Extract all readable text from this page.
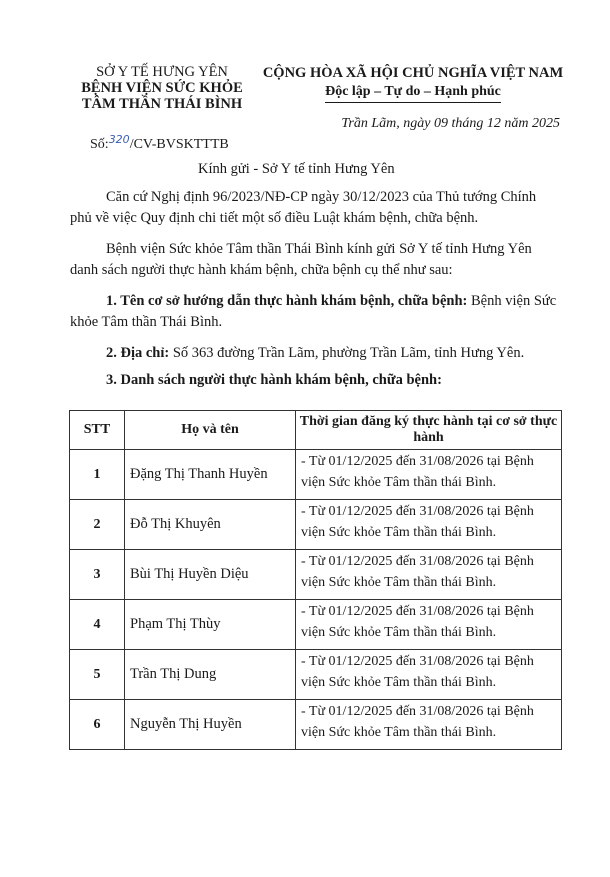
SỞ Y TẾ HƯNG YÊN
BỆNH VIỆN SỨC KHỎE
TÂM THẦN THÁI BÌNH
CỘNG HÒA XÃ HỘI CHỦ NGHĨA VIỆT NAM
Độc lập – Tự do – Hạnh phúc
Trần Lãm, ngày 09 tháng 12 năm 2025
Số:$^{320}$/CV-BVSKTTTB
Kính gửi - Sở Y tế tỉnh Hưng Yên
Căn cứ Nghị định 96/2023/NĐ-CP ngày 30/12/2023 của Thủ tướng Chính phủ về việc Quy định chi tiết một số điều Luật khám bệnh, chữa bệnh.
Bệnh viện Sức khỏe Tâm thần Thái Bình kính gửi Sở Y tế tỉnh Hưng Yên danh sách người thực hành khám bệnh, chữa bệnh cụ thể như sau:
1. Tên cơ sở hướng dẫn thực hành khám bệnh, chữa bệnh: Bệnh viện Sức khỏe Tâm thần Thái Bình.
2. Địa chỉ: Số 363 đường Trần Lãm, phường Trần Lãm, tỉnh Hưng Yên.
3. Danh sách người thực hành khám bệnh, chữa bệnh:
STT	Họ và tên	Thời gian đăng ký thực hành tại cơ sở thực hành
1	Đặng Thị Thanh Huyền	- Từ 01/12/2025 đến 31/08/2026 tại Bệnh viện Sức khỏe Tâm thần thái Bình.
2	Đỗ Thị Khuyên	- Từ 01/12/2025 đến 31/08/2026 tại Bệnh viện Sức khỏe Tâm thần thái Bình.
3	Bùi Thị Huyền Diệu	- Từ 01/12/2025 đến 31/08/2026 tại Bệnh viện Sức khỏe Tâm thần thái Bình.
4	Phạm Thị Thùy	- Từ 01/12/2025 đến 31/08/2026 tại Bệnh viện Sức khỏe Tâm thần thái Bình.
5	Trần Thị Dung	- Từ 01/12/2025 đến 31/08/2026 tại Bệnh viện Sức khỏe Tâm thần thái Bình.
6	Nguyễn Thị Huyền	- Từ 01/12/2025 đến 31/08/2026 tại Bệnh viện Sức khỏe Tâm thần thái Bình.
